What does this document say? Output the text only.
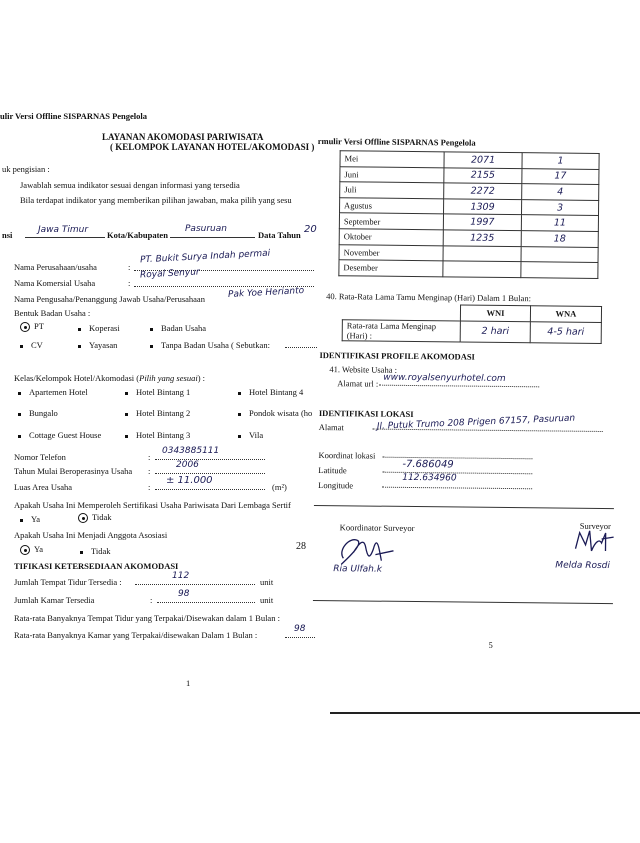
ulir Versi Offline SISPARNAS Pengelola
LAYANAN AKOMODASI PARIWISATA
( KELOMPOK LAYANAN HOTEL/AKOMODASI )
uk pengisian :
Jawablah semua indikator sesuai dengan informasi yang tersedia
Bila terdapat indikator yang memberikan pilihan jawaban, maka pilih yang sesu
nsi	Jawa Timur Kota/Kabupaten
Pasuruan
Data Tahun 20
Nama Perusahaan/usaha	:
PT. Bukit Surya Indah permai
Nama Komersial Usaha	:
Royal Senyur
Nama Pengusaha/Penanggung Jawab Usaha/Perusahaan	Pak Yoe Herianto
Bentuk Badan Usaha :
PT	Koperasi	Badan Usaha
CV	Yayasan	Tanpa Badan Usaha ( Sebutkan:
Kelas/Kelompok Hotel/Akomodasi (Pilih yang sesuai) :
Apartemen Hotel	Hotel Bintang 1	Hotel Bintang 4
Bungalo	Hotel Bintang 2	Pondok wisata (ho
Cottage Guest House	Hotel Bintang 3	Vila
Nomor Telefon	:
0343885111
Tahun Mulai Beroperasinya Usaha :
2006
Luas Area Usaha	:
± 11.000
(m²)
Apakah Usaha Ini Memperoleh Sertifikasi Usaha Pariwisata Dari Lembaga Sertif
Ya	Tidak
Apakah Usaha Ini Menjadi Anggota Asosiasi
Ya	Tidak	28
TIFIKASI KETERSEDIAAN AKOMODASI
Jumlah Tempat Tidur Tersedia :
112
unit
Jumlah Kamar Tersedia	:
98
unit
Rata-rata Banyaknya Tempat Tidur yang Terpakai/Disewakan dalam 1 Bulan :
Rata-rata Banyaknya Kamar yang Terpakai/disewakan Dalam 1 Bulan :
98
1
rmulir Versi Offline SISPARNAS Pengelola
Mei	2071	1
Juni	2155	17
Juli	2272	4
Agustus	1309	3
September	1997	11
Oktober	1235	18
November		
Desember		
40. Rata-Rata Lama Tamu Menginap (Hari) Dalam 1 Bulan:
	WNI	WNA
Rata-rata Lama Menginap (Hari) :	2 hari	4-5 hari
IDENTIFIKASI PROFILE AKOMODASI
41. Website Usaha :
Alamat url : www.royalsenyurhotel.com
IDENTIFIKASI LOKASI
Alamat	Jl. Putuk Trumo 208 Prigen 67157, Pasuruan
Koordinat lokasi
Latitude	-7.686049
Longitude
112.634960
Koordinator Surveyor	Surveyor
Ria Ulfah.k	Melda Rosdi
5
